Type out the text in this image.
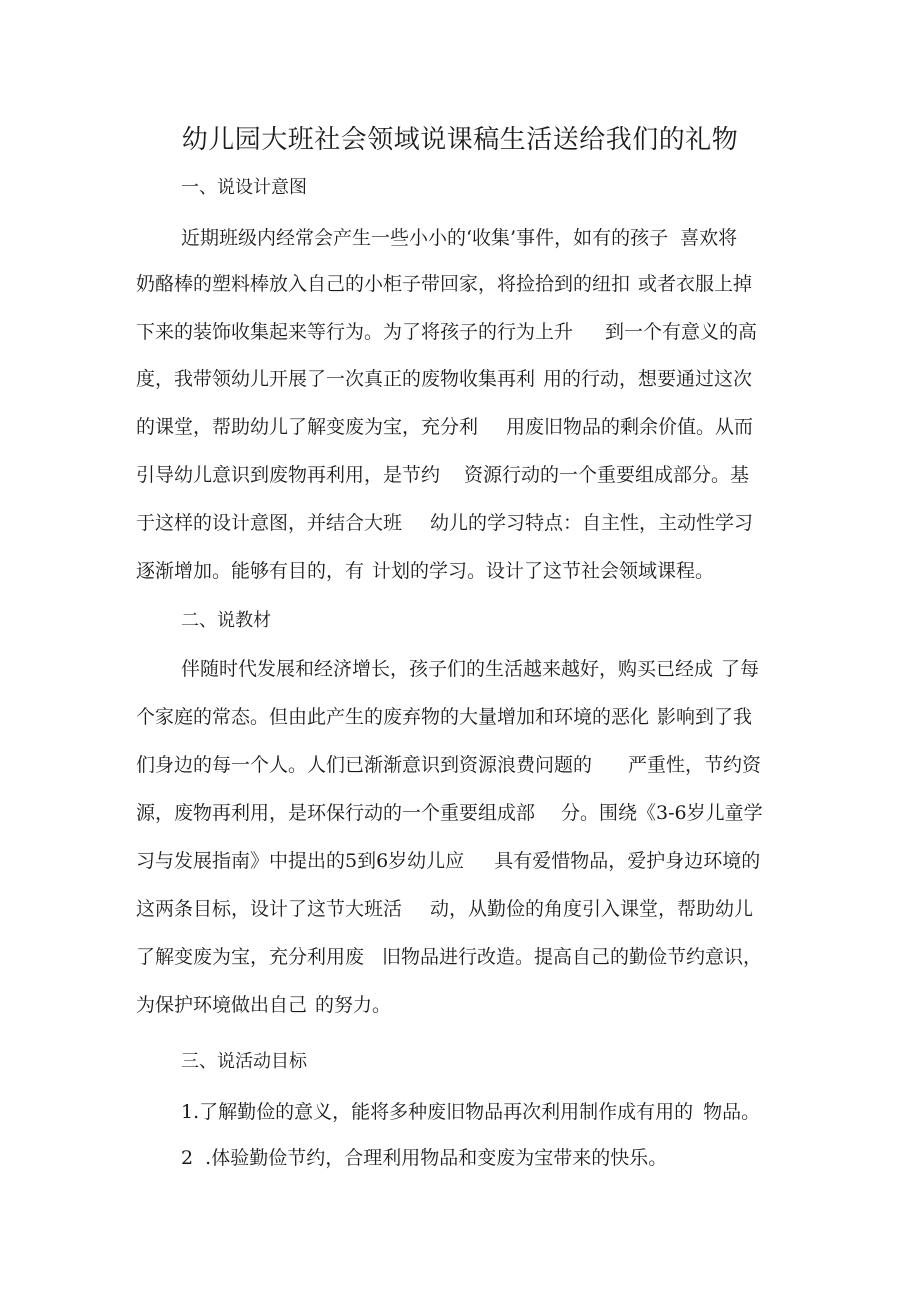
幼儿园大班社会领域说课稿生活送给我们的礼物
一、说设计意图
近期班级内经常会产生一些小小的‘收集’事件，如有的孩子 喜欢将
奶酪棒的塑料棒放入自己的小柜子带回家，将捡拾到的纽扣 或者衣服上掉
下来的装饰收集起来等行为。为了将孩子的行为上升 到一个有意义的高
度，我带领幼儿开展了一次真正的废物收集再利 用的行动，想要通过这次
的课堂，帮助幼儿了解变废为宝，充分利 用废旧物品的剩余价值。从而
引导幼儿意识到废物再利用，是节约 资源行动的一个重要组成部分。基
于这样的设计意图，并结合大班 幼儿的学习特点：自主性，主动性学习
逐渐增加。能够有目的，有 计划的学习。设计了这节社会领域课程。
二、说教材
伴随时代发展和经济增长，孩子们的生活越来越好，购买已经成 了每
个家庭的常态。但由此产生的废弃物的大量增加和环境的恶化 影响到了我
们身边的每一个人。人们已渐渐意识到资源浪费问题的 严重性，节约资
源，废物再利用，是环保行动的一个重要组成部 分。围绕《3-6岁儿童学
习与发展指南》中提出的5到6岁幼儿应 具有爱惜物品，爱护身边环境的
这两条目标，设计了这节大班活 动，从勤俭的角度引入课堂，帮助幼儿
了解变废为宝，充分利用废 旧物品进行改造。提高自己的勤俭节约意识，
为保护环境做出自己 的努力。
三、说活动目标
1.了解勤俭的意义，能将多种废旧物品再次利用制作成有用的 物品。
2  .体验勤俭节约，合理利用物品和变废为宝带来的快乐。
